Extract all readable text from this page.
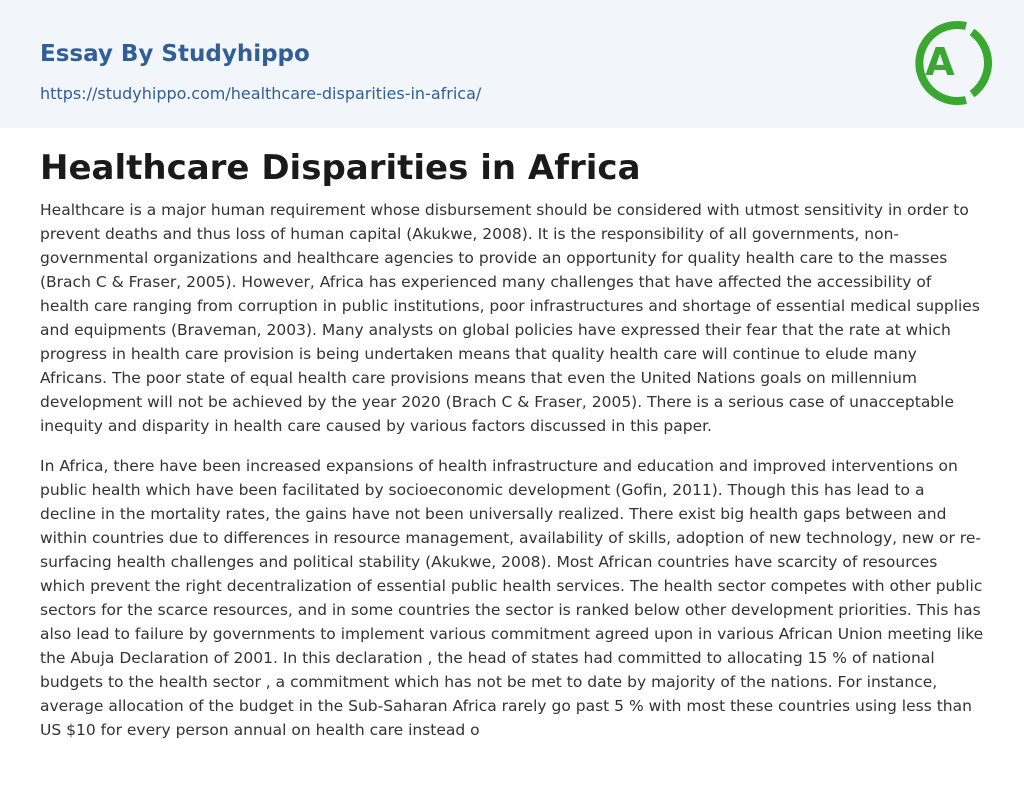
Essay By Studyhippo
https://studyhippo.com/healthcare-disparities-in-africa/
A
Healthcare Disparities in Africa

Healthcare is a major human requirement whose disbursement should be considered with utmost sensitivity in order to prevent deaths and thus loss of human capital (Akukwe, 2008). It is the responsibility of all governments, non-governmental organizations and healthcare agencies to provide an opportunity for quality health care to the masses (Brach C & Fraser, 2005). However, Africa has experienced many challenges that have affected the accessibility of health care ranging from corruption in public institutions, poor infrastructures and shortage of essential medical supplies and equipments (Braveman, 2003). Many analysts on global policies have expressed their fear that the rate at which progress in health care provision is being undertaken means that quality health care will continue to elude many Africans. The poor state of equal health care provisions means that even the United Nations goals on millennium development will not be achieved by the year 2020 (Brach C & Fraser, 2005). There is a serious case of unacceptable inequity and disparity in health care caused by various factors discussed in this paper.

In Africa, there have been increased expansions of health infrastructure and education and improved interventions on public health which have been facilitated by socioeconomic development (Gofin, 2011). Though this has lead to a decline in the mortality rates, the gains have not been universally realized. There exist big health gaps between and within countries due to differences in resource management, availability of skills, adoption of new technology, new or re-surfacing health challenges and political stability (Akukwe, 2008). Most African countries have scarcity of resources which prevent the right decentralization of essential public health services. The health sector competes with other public sectors for the scarce resources, and in some countries the sector is ranked below other development priorities. This has also lead to failure by governments to implement various commitment agreed upon in various African Union meeting like the Abuja Declaration of 2001. In this declaration , the head of states had committed to allocating 15 % of national budgets to the health sector , a commitment which has not be met to date by majority of the nations. For instance, average allocation of the budget in the Sub-Saharan Africa rarely go past 5 % with most these countries using less than US $10 for every person annual on health care instead o
